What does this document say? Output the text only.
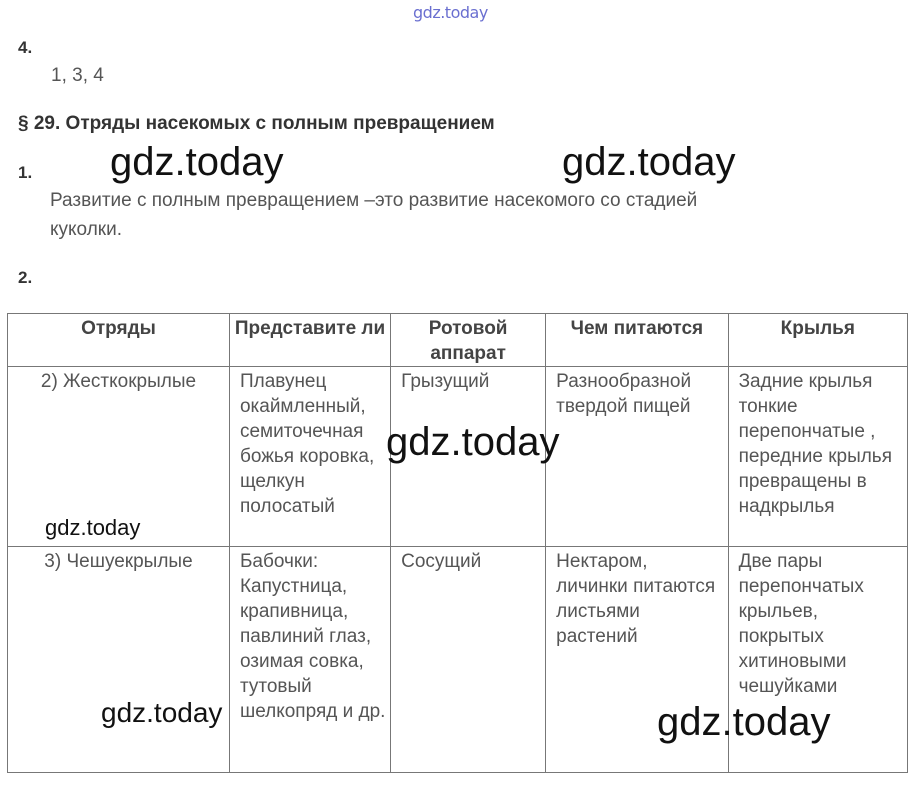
gdz.today
4.
1, 3, 4
§ 29. Отряды насекомых с полным превращением
1.
Развитие с полным превращением –это развитие насекомого со стадией
куколки.
2.
Отряды	Представите ли	Ротовой аппарат	Чем питаются	Крылья
2) Жесткокрылые	Плавунец окаймленный, семиточечная божья коровка, щелкун полосатый	Грызущий	Разнообразной твердой пищей	Задние крылья тонкие перепончатые , передние крылья превращены в надкрылья
3) Чешуекрылые	Бабочки: Капустница, крапивница, павлиний глаз, озимая совка, тутовый шелкопряд и др.	Сосущий	Нектаром, личинки питаются листьями растений	Две пары перепончатых крыльев, покрытых хитиновыми чешуйками
gdz.today	gdz.today
gdz.today
gdz.today
gdz.today	gdz.today
